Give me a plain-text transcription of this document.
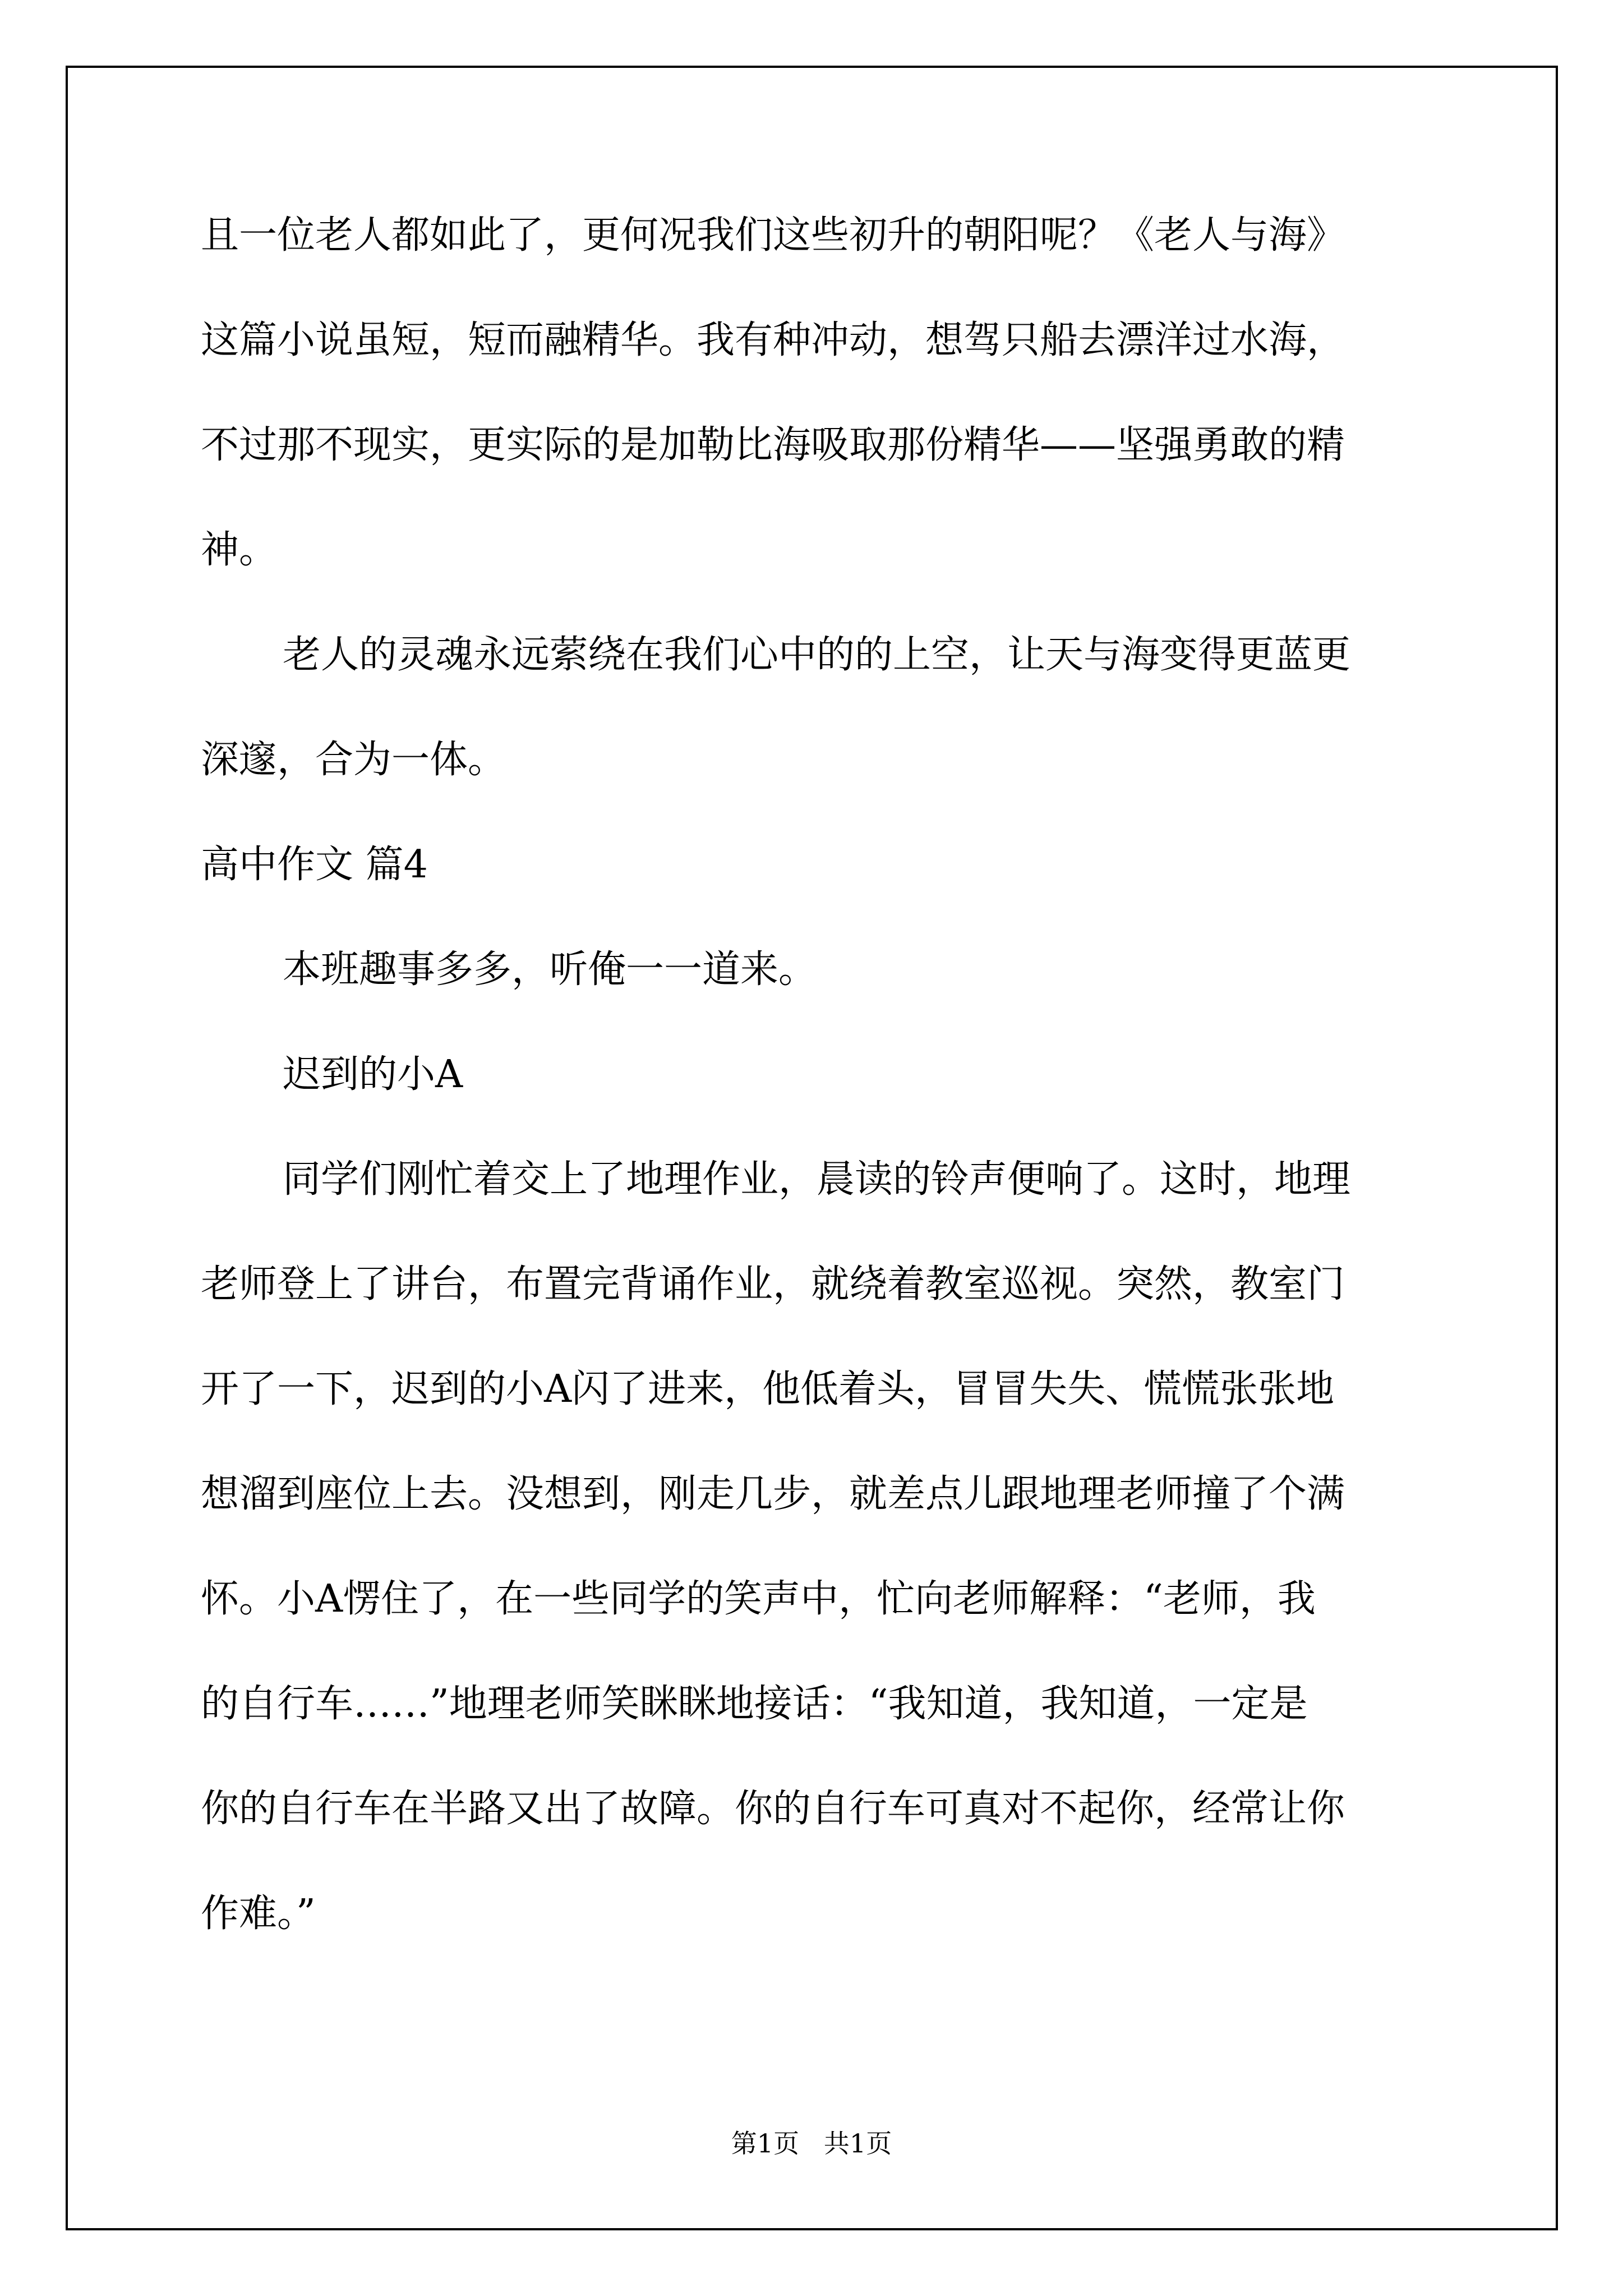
且一位老人都如此了，更何况我们这些初升的朝阳呢？《老人与海》
这篇小说虽短，短而融精华。我有种冲动，想驾只船去漂洋过水海，
不过那不现实，更实际的是加勒比海吸取那份精华——坚强勇敢的精
神。
老人的灵魂永远萦绕在我们心中的的上空，让天与海变得更蓝更
深邃，合为一体。
高中作文 篇4
本班趣事多多，听俺一一道来。
迟到的小A
同学们刚忙着交上了地理作业，晨读的铃声便响了。这时，地理
老师登上了讲台，布置完背诵作业，就绕着教室巡视。突然，教室门
开了一下，迟到的小A闪了进来，他低着头，冒冒失失、慌慌张张地
想溜到座位上去。没想到，刚走几步，就差点儿跟地理老师撞了个满
怀。小A愣住了，在一些同学的笑声中，忙向老师解释：“老师，我
的自行车……”地理老师笑眯眯地接话：“我知道，我知道，一定是
你的自行车在半路又出了故障。你的自行车可真对不起你，经常让你
作难。”
第1页   共1页
